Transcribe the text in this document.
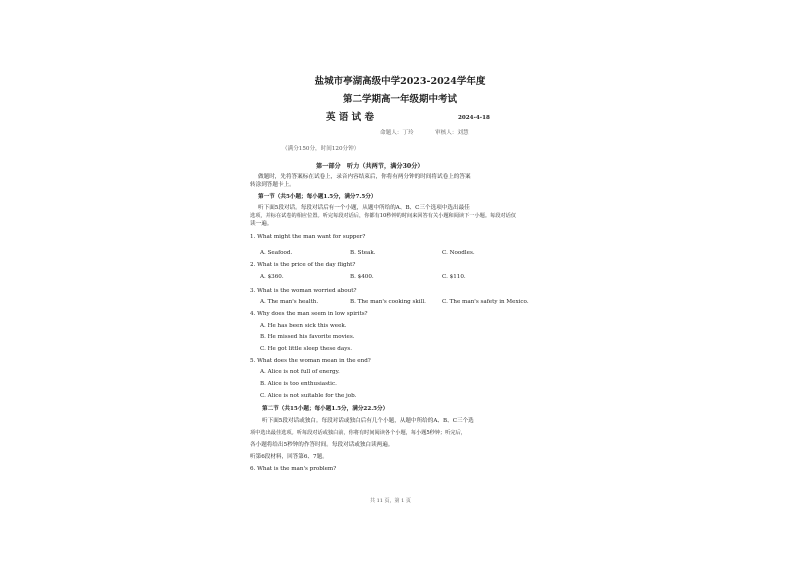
盐城市亭湖高级中学2023-2024学年度
第二学期高一年级期中考试
英 语 试 卷	2024-4-18
命题人：丁玲	审核人：刘慧
（满分150分，时间120分钟）
第一部分　听力（共两节，满分30分）
做题时，先将答案标在试卷上，录音内容结束后，你将有两分钟的时间将试卷上的答案
转涂到答题卡上。
第一节（共5小题；每小题1.5分，满分7.5分）
听下面5段对话。每段对话后有一个小题，从题中所给的A、B、C三个选项中选出最佳
选项，并标在试卷的相应位置。听完每段对话后，你都有10秒钟的时间来回答有关小题和阅读下一小题。每段对话仅
读一遍。
1. What might the man want for supper?
A. Seafood.	B. Steak.	C. Noodles.
2. What is the price of the day flight?
A. $360.	B. $400.	C. $110.
3. What is the woman worried about?
A. The man's health.	B. The man's cooking skill.	C. The man's safety in Mexico.
4. Why does the man seem in low spirits?
A. He has been sick this week.
B. He missed his favorite movies.
C. He got little sleep these days.
5. What does the woman mean in the end?
A. Alice is not full of energy.
B. Alice is too enthusiastic.
C. Alice is not suitable for the job.
第二节（共15小题；每小题1.5分，满分22.5分）
听下面5段对话或独白。每段对话或独白后有几个小题，从题中所给的A、B、C三个选
项中选出最佳选项。听每段对话或独白前，你将有时间阅读各个小题，每小题5秒钟；听完后，
各小题将给出5秒钟的作答时间。每段对话或独白读两遍。
听第6段材料，回答第6、7题。
6. What is the man's problem?
共 11 页，第 1 页
